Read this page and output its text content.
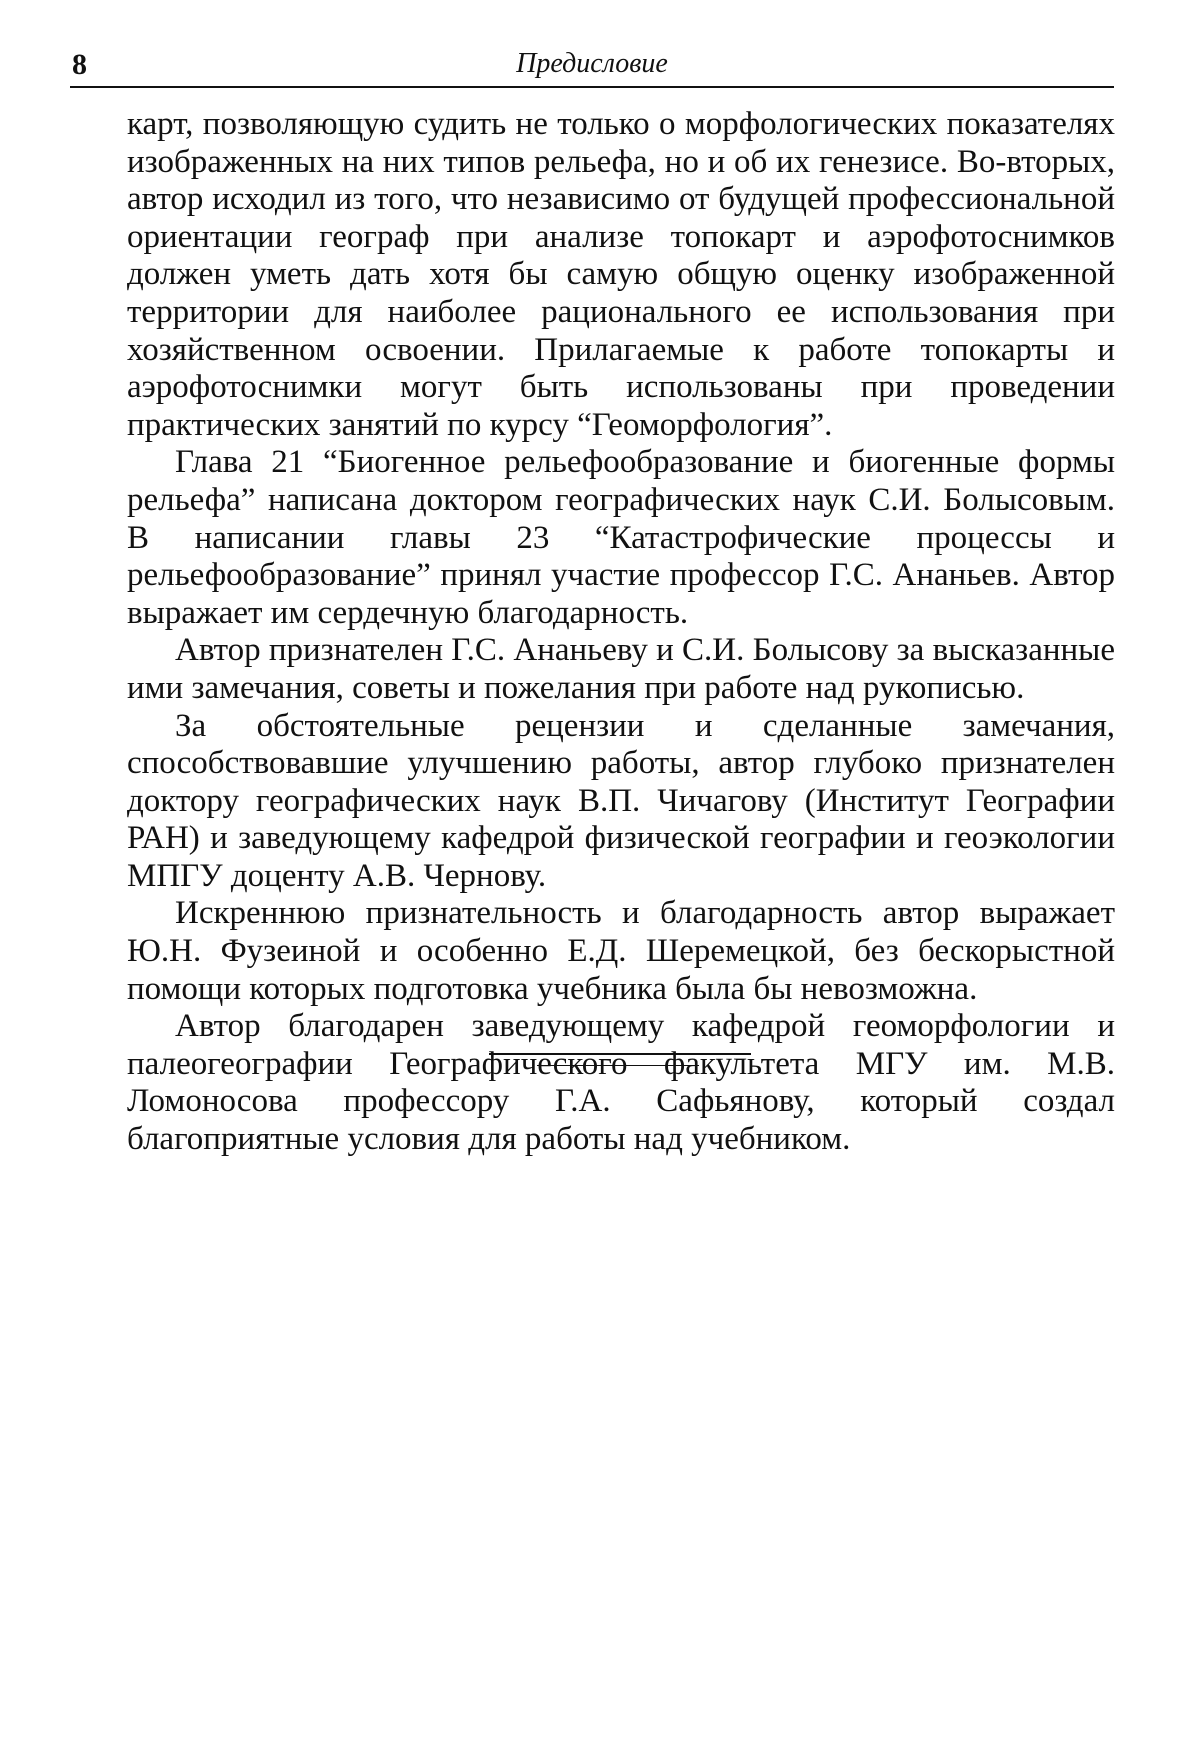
8	Предисловие

карт, позволяющую судить не только о морфологических показателях изображенных на них типов рельефа, но и об их генезисе. Во-вторых, автор исходил из того, что независимо от будущей профессиональной ориентации географ при анализе топокарт и аэрофотоснимков должен уметь дать хотя бы самую общую оценку изображенной территории для наиболее рационального ее использования при хозяйственном освоении. Прилагаемые к работе топокарты и аэрофотоснимки могут быть использованы при проведении практических занятий по курсу “Геоморфология”.

Глава 21 “Биогенное рельефообразование и биогенные формы рельефа” написана доктором географических наук С.И. Болысовым. В написании главы 23 “Катастрофические процессы и рельефообразование” принял участие профессор Г.С. Ананьев. Автор выражает им сердечную благодарность.

Автор признателен Г.С. Ананьеву и С.И. Болысову за высказанные ими замечания, советы и пожелания при работе над рукописью.

За обстоятельные рецензии и сделанные замечания, способствовавшие улучшению работы, автор глубоко признателен доктору географических наук В.П. Чичагову (Институт Географии РАН) и заведующему кафедрой физической географии и геоэкологии МПГУ доценту А.В. Чернову.

Искреннюю признательность и благодарность автор выражает Ю.Н. Фузеиной и особенно Е.Д. Шеремецкой, без бескорыстной помощи которых подготовка учебника была бы невозможна.

Автор благодарен заведующему кафедрой геоморфологии и палеогеографии Географического факультета МГУ им. М.В. Ломоносова профессору Г.А. Сафьянову, который создал благоприятные условия для работы над учебником.
